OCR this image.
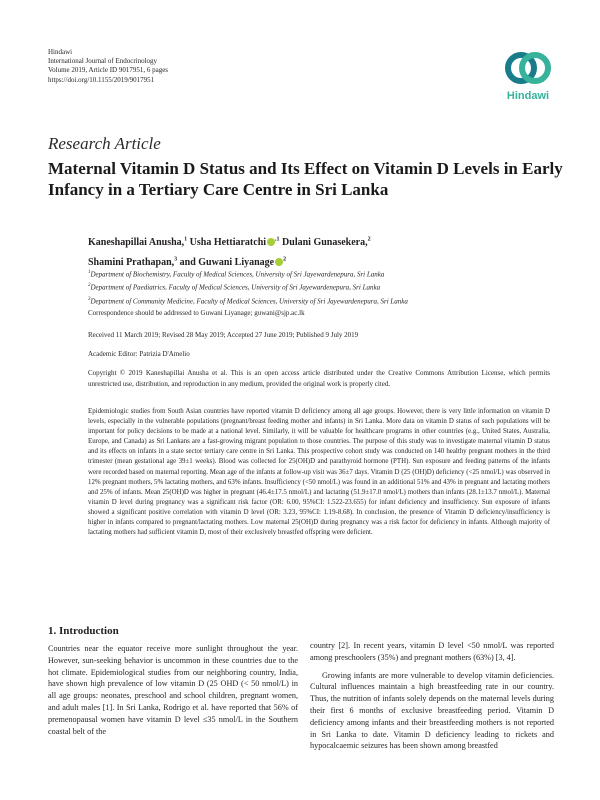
Hindawi
International Journal of Endocrinology
Volume 2019, Article ID 9017951, 6 pages
https://doi.org/10.1155/2019/9017951
Hindawi
Research Article
Maternal Vitamin D Status and Its Effect on Vitamin D Levels in Early Infancy in a Tertiary Care Centre in Sri Lanka
Kaneshapillai Anusha,$^1$ Usha Hettiaratchi $^{,1}$ Dulani Gunasekera,$^2$
Shamini Prathapan,$^3$ and Guwani Liyanage $^2$
$^1$Department of Biochemistry, Faculty of Medical Sciences, University of Sri Jayewardenepura, Sri Lanka
$^2$Department of Paediatrics, Faculty of Medical Sciences, University of Sri Jayewardenepura, Sri Lanka
$^3$Department of Community Medicine, Faculty of Medical Sciences, University of Sri Jayewardenepura, Sri Lanka
Correspondence should be addressed to Guwani Liyanage; guwani@sjp.ac.lk
Received 11 March 2019; Revised 28 May 2019; Accepted 27 June 2019; Published 9 July 2019
Academic Editor: Patrizia D'Amelio
Copyright © 2019 Kaneshapillai Anusha et al. This is an open access article distributed under the Creative Commons Attribution License, which permits unrestricted use, distribution, and reproduction in any medium, provided the original work is properly cited.
Epidemiologic studies from South Asian countries have reported vitamin D deficiency among all age groups. However, there is very little information on vitamin D levels, especially in the vulnerable populations (pregnant/breast feeding mother and infants) in Sri Lanka. More data on vitamin D status of such populations will be important for policy decisions to be made at a national level. Similarly, it will be valuable for healthcare programs in other countries (e.g., United States, Australia, Europe, and Canada) as Sri Lankans are a fast-growing migrant population to those countries. The purpose of this study was to investigate maternal vitamin D status and its effects on infants in a state sector tertiary care centre in Sri Lanka. This prospective cohort study was conducted on 140 healthy pregnant mothers in the third trimester (mean gestational age 39±1 weeks). Blood was collected for 25(OH)D and parathyroid hormone (PTH). Sun exposure and feeding patterns of the infants were recorded based on maternal reporting. Mean age of the infants at follow-up visit was 36±7 days. Vitamin D (25 (OH)D) deficiency (<25 nmol/L) was observed in 12% pregnant mothers, 5% lactating mothers, and 63% infants. Insufficiency (<50 nmol/L) was found in an additional 51% and 43% in pregnant and lactating mothers and 25% of infants. Mean 25(OH)D was higher in pregnant (46.4±17.5 nmol/L) and lactating (51.9±17.0 nmol/L) mothers than infants (28.1±13.7 nmol/L). Maternal vitamin D level during pregnancy was a significant risk factor (OR: 6.00, 95%CI: 1.522-23.655) for infant deficiency and insufficiency. Sun exposure of infants showed a significant positive correlation with vitamin D level (OR: 3.23, 95%CI: 1.19-8.68). In conclusion, the presence of Vitamin D deficiency/insufficiency is higher in infants compared to pregnant/lactating mothers. Low maternal 25(OH)D during pregnancy was a risk factor for deficiency in infants. Although majority of lactating mothers had sufficient vitamin D, most of their exclusively breastfed offspring were deficient.
1. Introduction

Countries near the equator receive more sunlight throughout the year. However, sun-seeking behavior is uncommon in these countries due to the hot climate. Epidemiological studies from our neighboring country, India, have shown high prevalence of low vitamin D (25 OHD (< 50 nmol/L) in all age groups: neonates, preschool and school children, pregnant women, and adult males [1]. In Sri Lanka, Rodrigo et al. have reported that 56% of premenopausal women have vitamin D level ≤35 nmol/L in the Southern coastal belt of the

country [2]. In recent years, vitamin D level <50 nmol/L was reported among preschoolers (35%) and pregnant mothers (63%) [3, 4].

Growing infants are more vulnerable to develop vitamin deficiencies. Cultural influences maintain a high breastfeeding rate in our country. Thus, the nutrition of infants solely depends on the maternal levels during their first 6 months of exclusive breastfeeding period. Vitamin D deficiency among infants and their breastfeeding mothers is not reported in Sri Lanka to date. Vitamin D deficiency leading to rickets and hypocalcaemic seizures has been shown among breastfed
